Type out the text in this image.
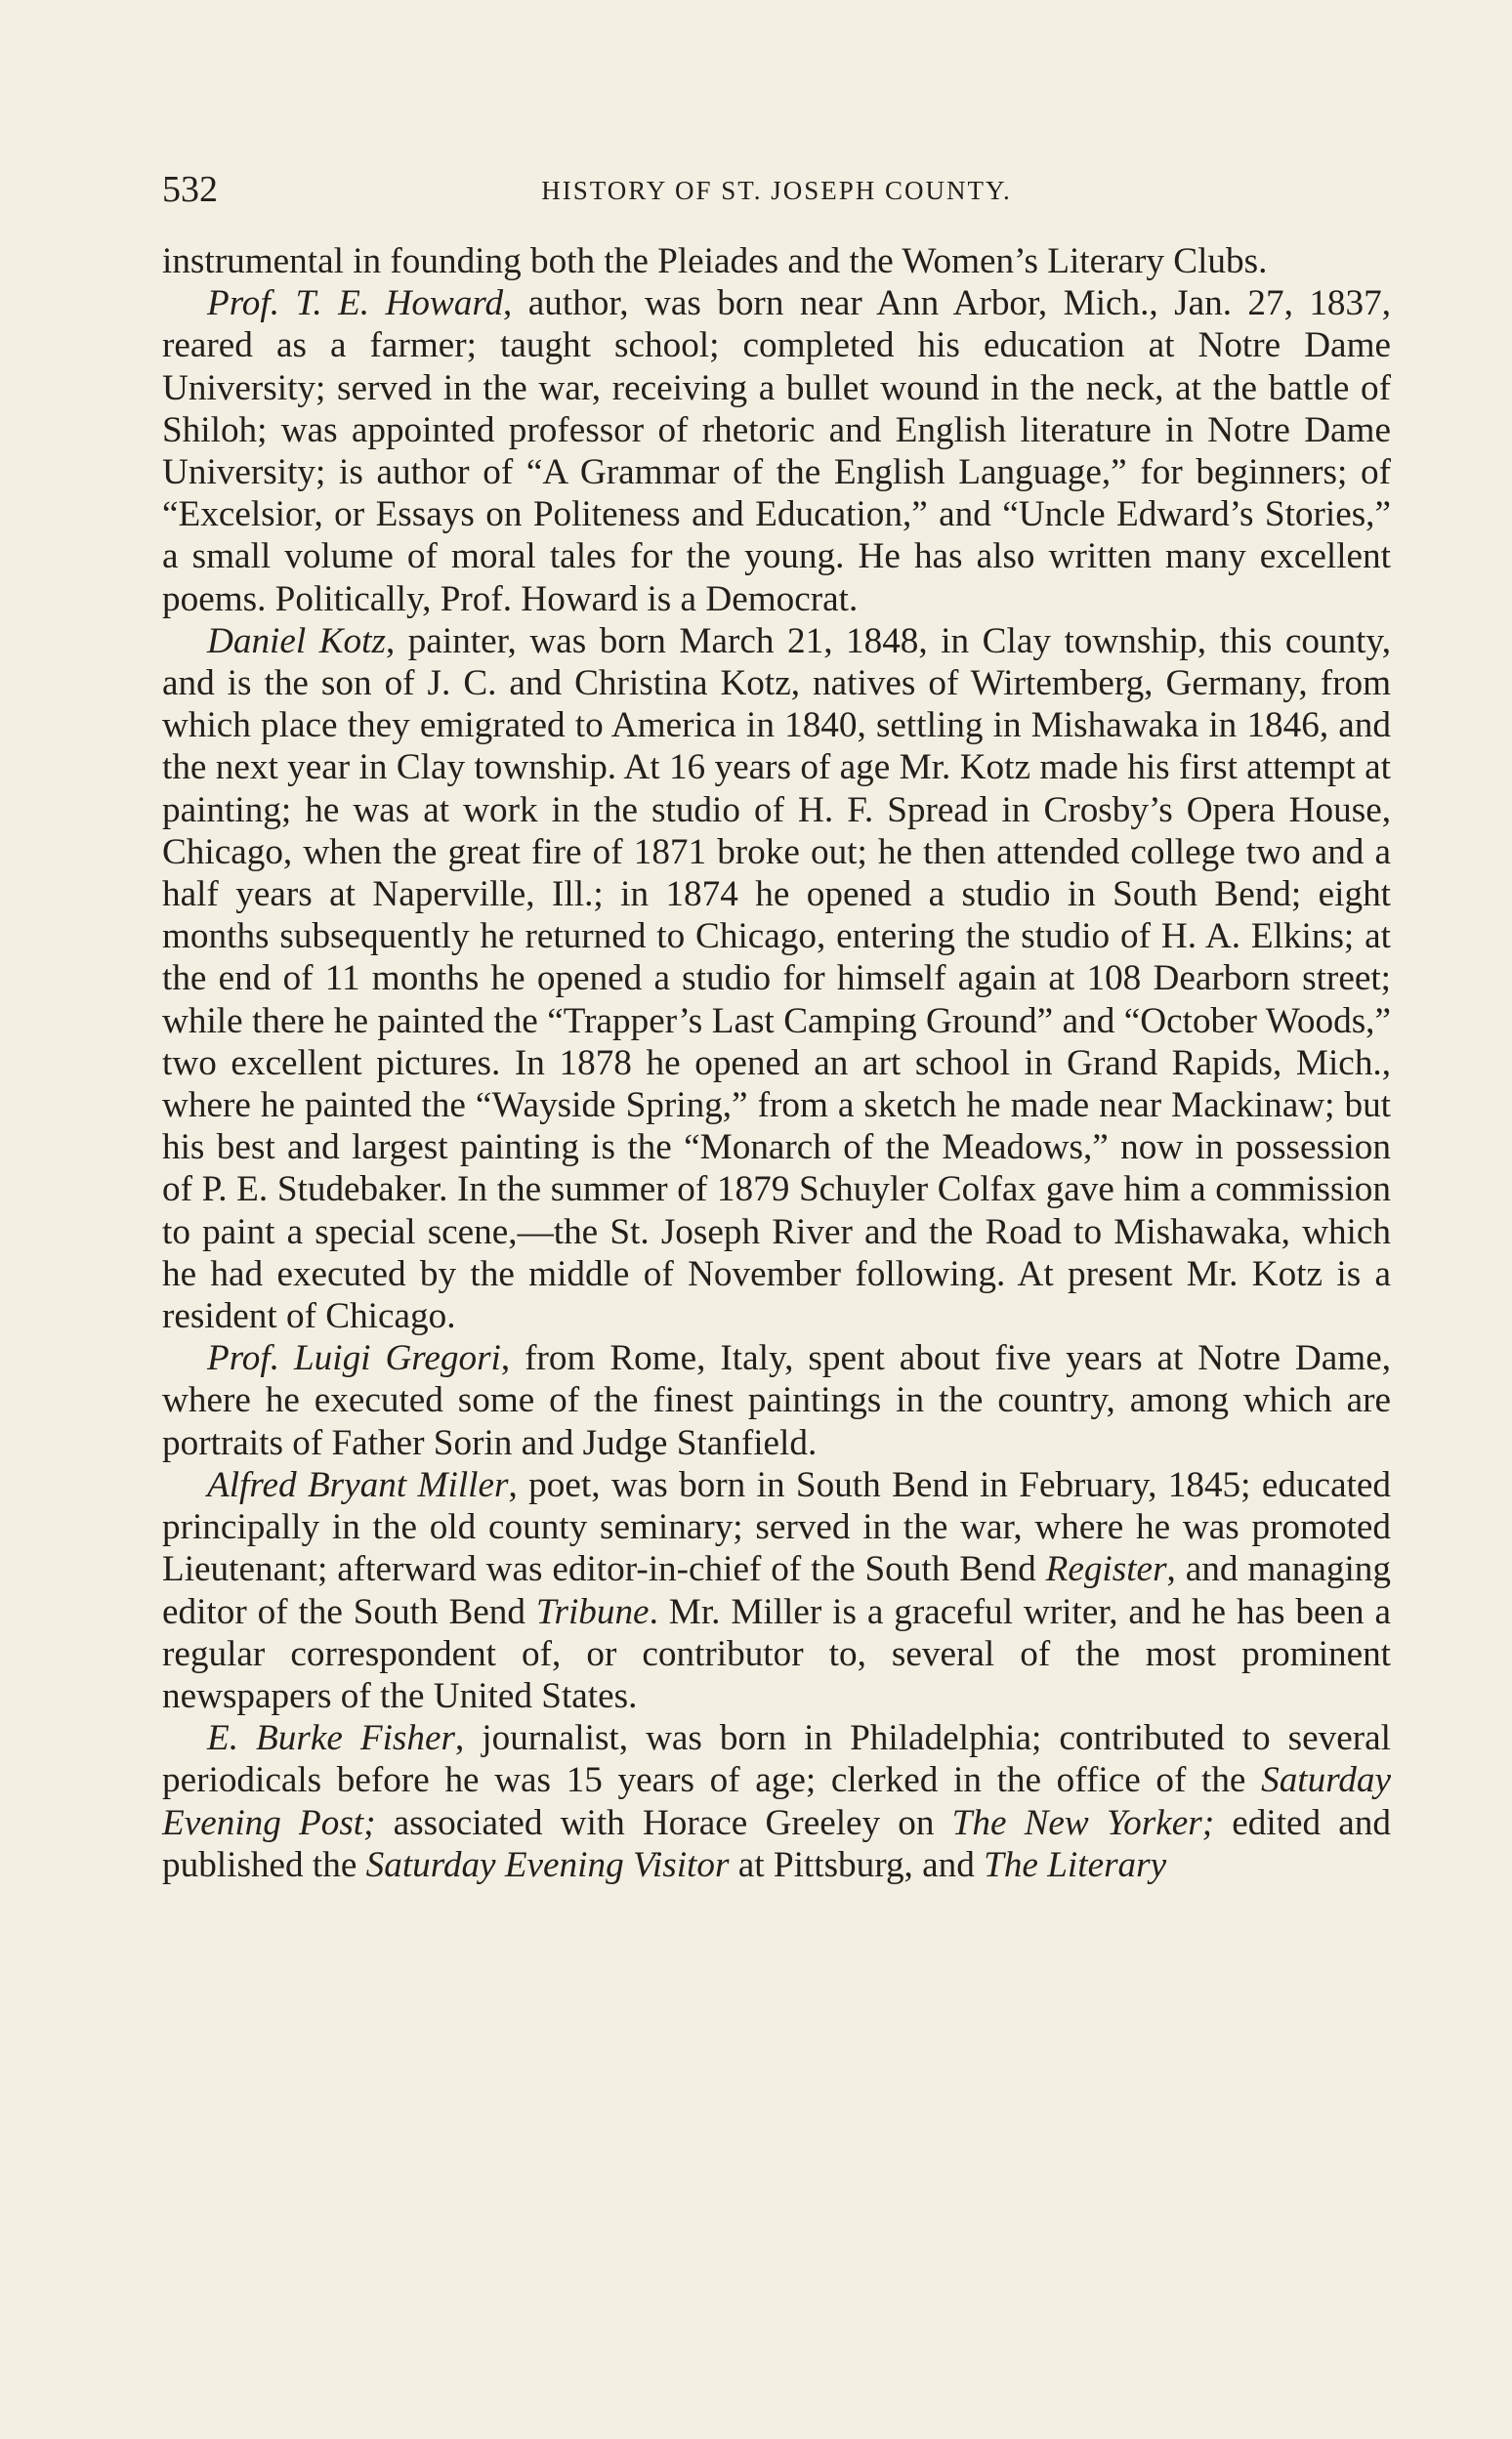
532	HISTORY OF ST. JOSEPH COUNTY.

instrumental in founding both the Pleiades and the Women’s Literary Clubs.

Prof. T. E. Howard, author, was born near Ann Arbor, Mich., Jan. 27, 1837, reared as a farmer; taught school; completed his education at Notre Dame University; served in the war, receiving a bullet wound in the neck, at the battle of Shiloh; was appointed professor of rhetoric and English literature in Notre Dame University; is author of “A Grammar of the English Language,” for beginners; of “Excelsior, or Essays on Politeness and Education,” and “Uncle Edward’s Stories,” a small volume of moral tales for the young. He has also written many excellent poems. Politically, Prof. Howard is a Democrat.

Daniel Kotz, painter, was born March 21, 1848, in Clay township, this county, and is the son of J. C. and Christina Kotz, natives of Wirtemberg, Germany, from which place they emigrated to America in 1840, settling in Mishawaka in 1846, and the next year in Clay township. At 16 years of age Mr. Kotz made his first attempt at painting; he was at work in the studio of H. F. Spread in Crosby’s Opera House, Chicago, when the great fire of 1871 broke out; he then attended college two and a half years at Naperville, Ill.; in 1874 he opened a studio in South Bend; eight months subsequently he returned to Chicago, entering the studio of H. A. Elkins; at the end of 11 months he opened a studio for himself again at 108 Dearborn street; while there he painted the “Trapper’s Last Camping Ground” and “October Woods,” two excellent pictures. In 1878 he opened an art school in Grand Rapids, Mich., where he painted the “Wayside Spring,” from a sketch he made near Mackinaw; but his best and largest painting is the “Monarch of the Meadows,” now in possession of P. E. Studebaker. In the summer of 1879 Schuyler Colfax gave him a commission to paint a special scene,—the St. Joseph River and the Road to Mishawaka, which he had executed by the middle of November following. At present Mr. Kotz is a resident of Chicago.

Prof. Luigi Gregori, from Rome, Italy, spent about five years at Notre Dame, where he executed some of the finest paintings in the country, among which are portraits of Father Sorin and Judge Stanfield.

Alfred Bryant Miller, poet, was born in South Bend in February, 1845; educated principally in the old county seminary; served in the war, where he was promoted Lieutenant; afterward was editor-in-chief of the South Bend Register, and managing editor of the South Bend Tribune. Mr. Miller is a graceful writer, and he has been a regular correspondent of, or contributor to, several of the most prominent newspapers of the United States.

E. Burke Fisher, journalist, was born in Philadelphia; contributed to several periodicals before he was 15 years of age; clerked in the office of the Saturday Evening Post; associated with Horace Greeley on The New Yorker; edited and published the Saturday Evening Visitor at Pittsburg, and The Literary
